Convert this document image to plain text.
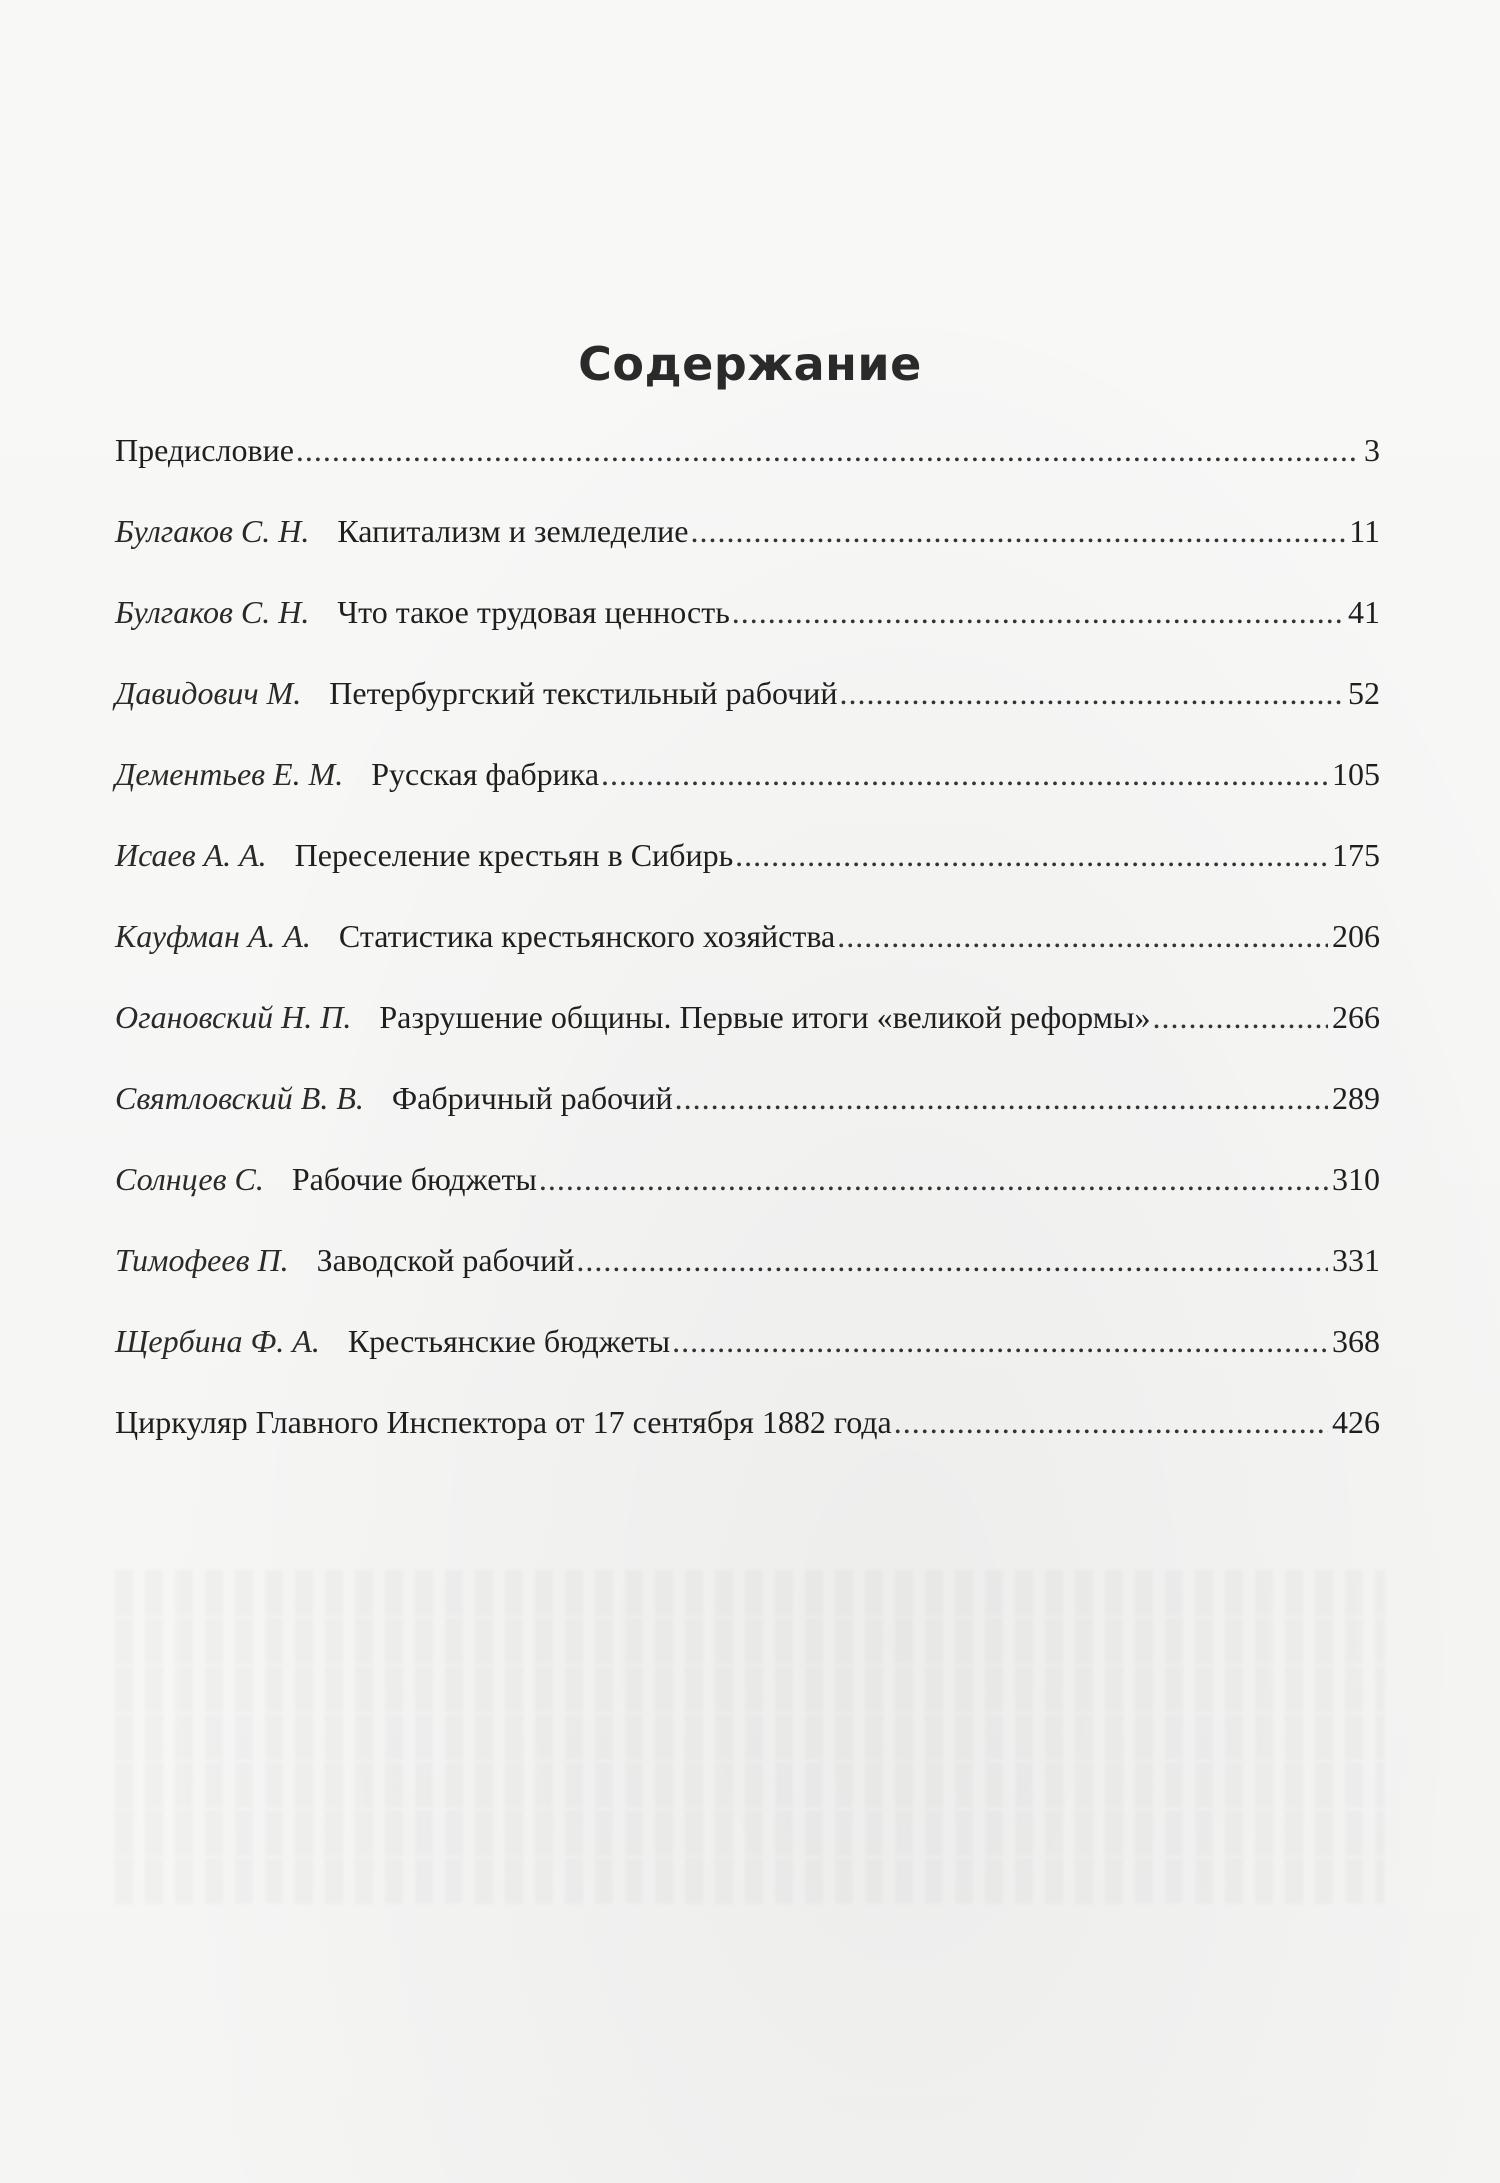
Содержание
Предисловие .....	3
Булгаков С. Н. Капитализм и земледелие .....	11
Булгаков С. Н. Что такое трудовая ценность .....	41
Давидович М. Петербургский текстильный рабочий .....	52
Дементьев Е. М. Русская фабрика .....	105
Исаев А. А. Переселение крестьян в Сибирь .....	175
Кауфман А. А. Статистика крестьянского хозяйства .....	206
Огановский Н. П. Разрушение общины. Первые итоги «великой реформы» .....	266
Святловский В. В. Фабричный рабочий .....	289
Солнцев С. Рабочие бюджеты .....	310
Тимофеев П. Заводской рабочий .....	331
Щербина Ф. А. Крестьянские бюджеты .....	368
Циркуляр Главного Инспектора от 17 сентября 1882 года .....	426
